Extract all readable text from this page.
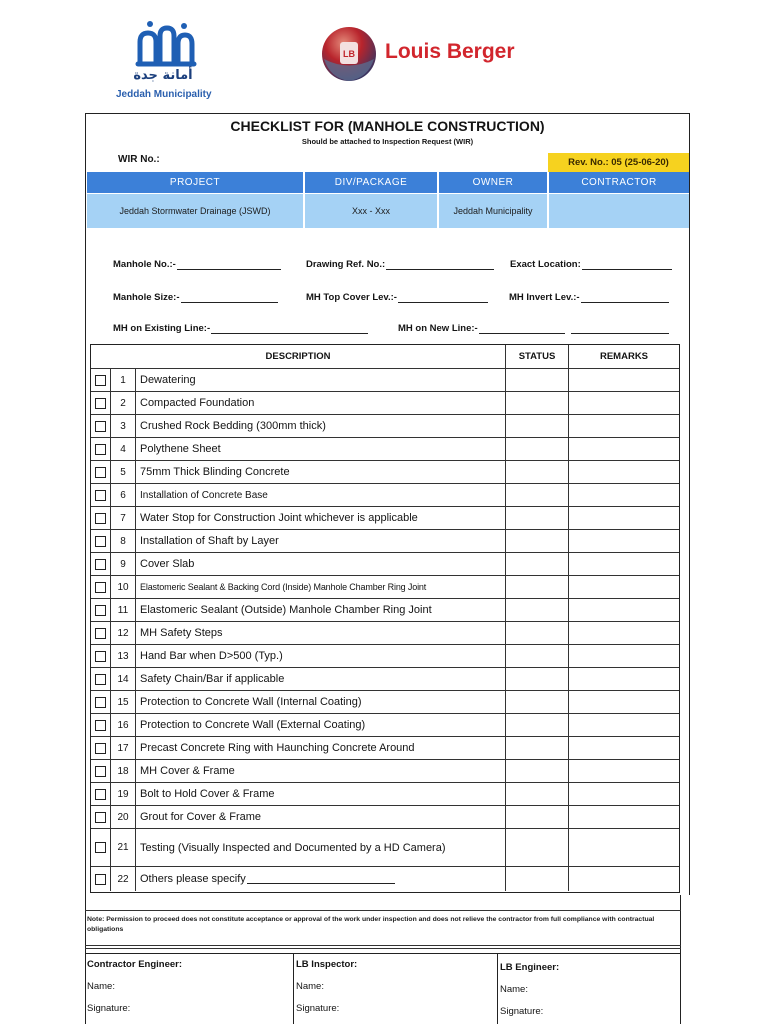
أمانة جدة
Jeddah Municipality
LB Louis Berger
CHECKLIST FOR (MANHOLE CONSTRUCTION)
Should be attached to Inspection Request (WIR)
WIR No.:	Rev. No.: 05 (25-06-20)
PROJECT	DIV/PACKAGE	OWNER	CONTRACTOR
Jeddah Stormwater Drainage (JSWD)	Xxx - Xxx	Jeddah Municipality
Manhole No.:-	Drawing Ref. No.:	Exact Location:
Manhole Size:-	MH Top Cover Lev.:-	MH Invert Lev.:-
MH on Existing Line:-	MH on New Line:-
DESCRIPTION	STATUS	REMARKS
1	Dewatering
2	Compacted Foundation
3	Crushed Rock Bedding (300mm thick)
4	Polythene Sheet
5	75mm Thick Blinding Concrete
6	Installation of Concrete Base
7	Water Stop for Construction Joint whichever is applicable
8	Installation of Shaft by Layer
9	Cover Slab
10	Elastomeric Sealant & Backing Cord (Inside) Manhole Chamber Ring Joint
11	Elastomeric Sealant (Outside) Manhole Chamber Ring Joint
12	MH Safety Steps
13	Hand Bar when D>500 (Typ.)
14	Safety Chain/Bar if applicable
15	Protection to Concrete Wall (Internal Coating)
16	Protection to Concrete Wall (External Coating)
17	Precast Concrete Ring with Haunching Concrete Around
18	MH Cover & Frame
19	Bolt to Hold Cover & Frame
20	Grout for Cover & Frame
21	Testing (Visually Inspected and Documented by a HD Camera)
22	Others please specify
Note: Permission to proceed does not constitute acceptance or approval of the work under inspection and does not relieve the contractor from full compliance with contractual obligations
Contractor Engineer:
Name:
Signature:
LB Inspector:
Name:
Signature:
LB Engineer:
Name:
Signature:
